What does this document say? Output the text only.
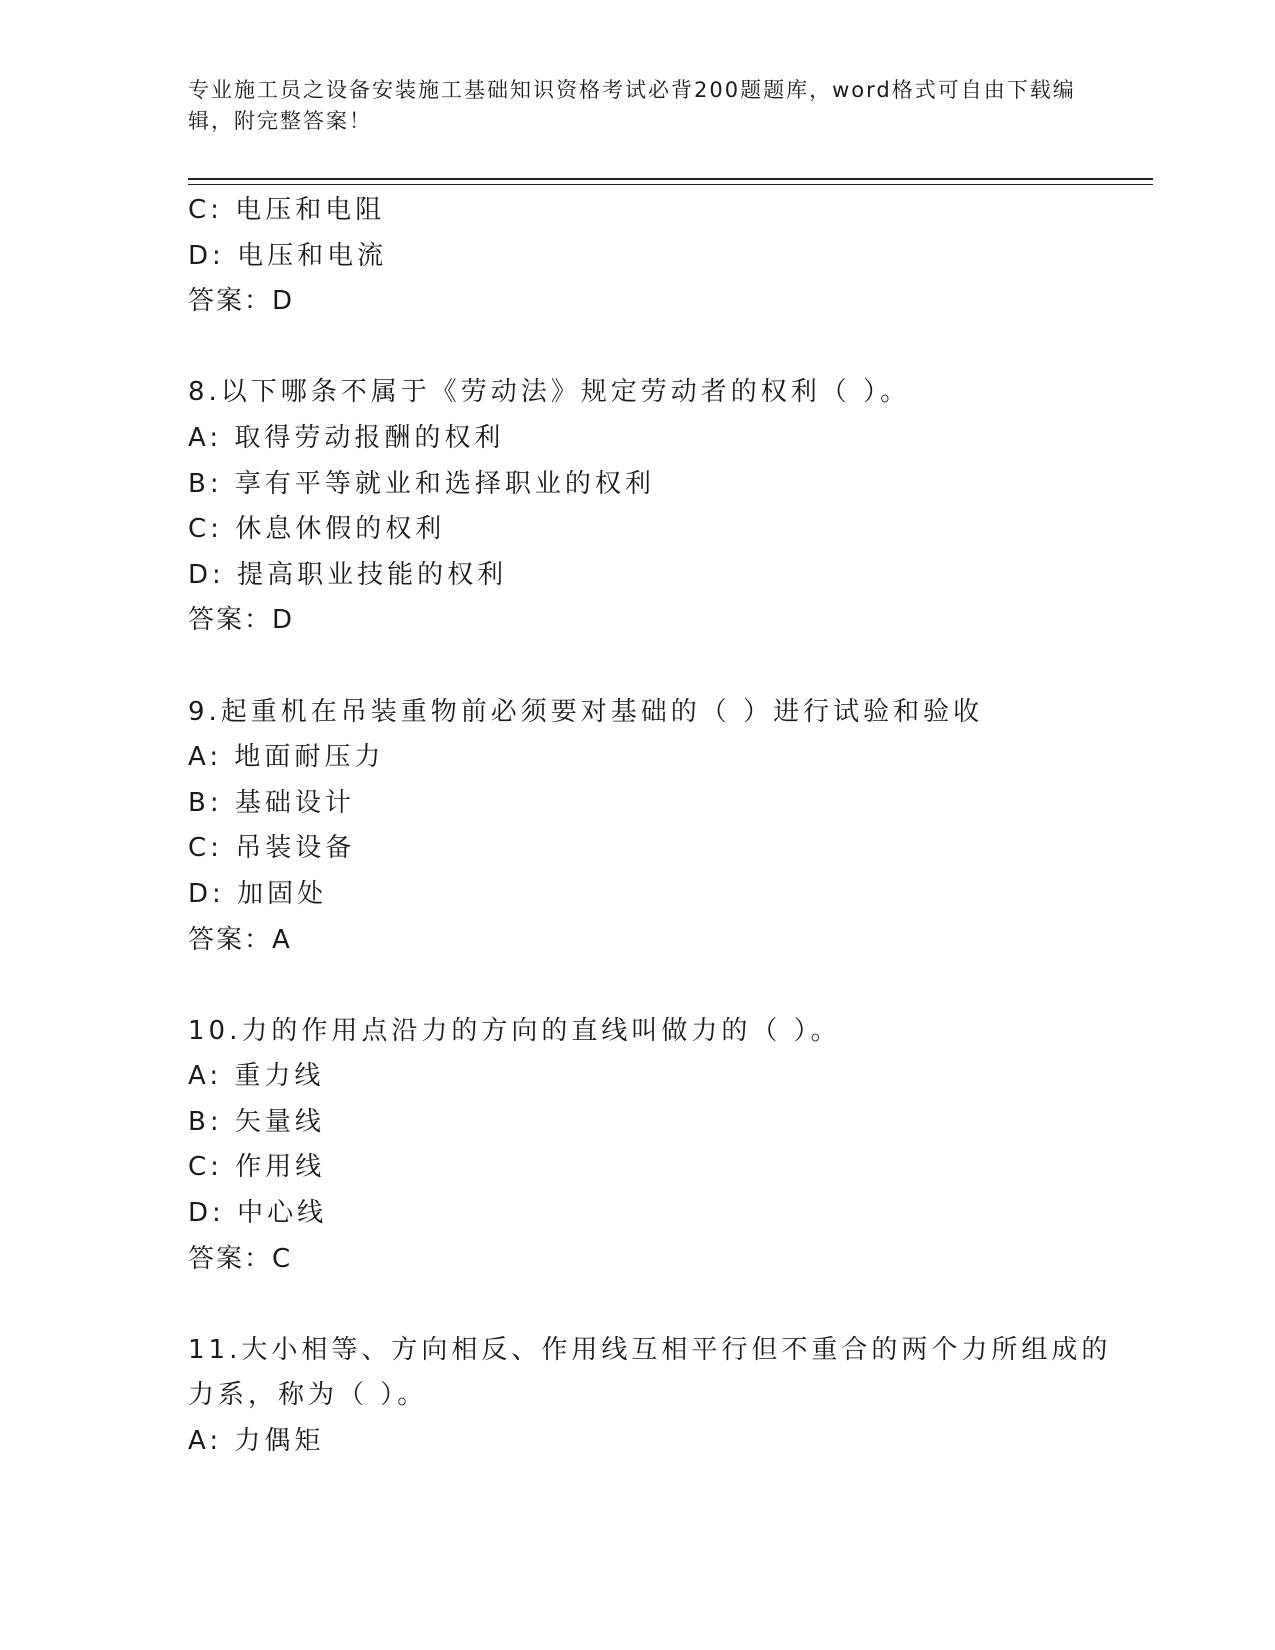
专业施工员之设备安装施工基础知识资格考试必背200题题库，word格式可自由下载编辑，附完整答案！
C: 电压和电阻
D: 电压和电流
答案：D
8.以下哪条不属于《劳动法》规定劳动者的权利（ ）。
A: 取得劳动报酬的权利
B: 享有平等就业和选择职业的权利
C: 休息休假的权利
D: 提高职业技能的权利
答案：D
9.起重机在吊装重物前必须要对基础的（ ）进行试验和验收
A: 地面耐压力
B: 基础设计
C: 吊装设备
D: 加固处
答案：A
10.力的作用点沿力的方向的直线叫做力的（ ）。
A: 重力线
B: 矢量线
C: 作用线
D: 中心线
答案：C
11.大小相等、方向相反、作用线互相平行但不重合的两个力所组成的
力系，称为（ ）。
A: 力偶矩
